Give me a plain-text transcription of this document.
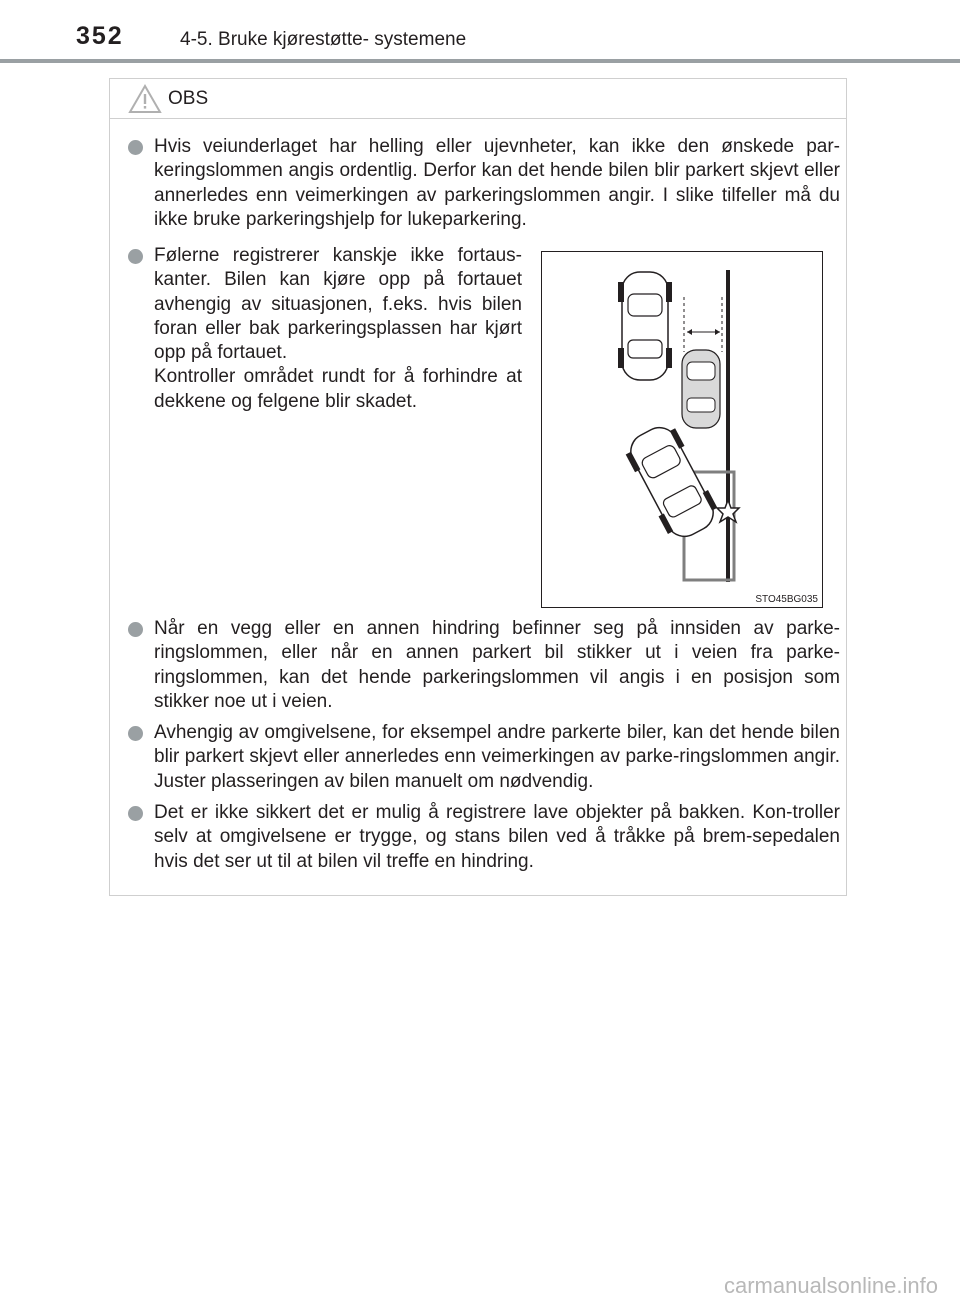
352	4-5. Bruke kjørestøtte- systemene
OBS
Hvis veiunderlaget har helling eller ujevnheter, kan ikke den ønskede par-keringslommen angis ordentlig. Derfor kan det hende bilen blir parkert skjevt eller annerledes enn veimerkingen av parkeringslommen angir. I slike tilfeller må du ikke bruke parkeringshjelp for lukeparkering.
Følerne registrerer kanskje ikke fortaus-kanter. Bilen kan kjøre opp på fortauet avhengig av situasjonen, f.eks. hvis bilen foran eller bak parkeringsplassen har kjørt opp på fortauet.
Kontroller området rundt for å forhindre at dekkene og felgene blir skadet.
Når en vegg eller en annen hindring befinner seg på innsiden av parke-ringslommen, eller når en annen parkert bil stikker ut i veien fra parke-ringslommen, kan det hende parkeringslommen vil angis i en posisjon som stikker noe ut i veien.
Avhengig av omgivelsene, for eksempel andre parkerte biler, kan det hende bilen blir parkert skjevt eller annerledes enn veimerkingen av parke-ringslommen angir. Juster plasseringen av bilen manuelt om nødvendig.
Det er ikke sikkert det er mulig å registrere lave objekter på bakken. Kon-troller selv at omgivelsene er trygge, og stans bilen ved å tråkke på brem-sepedalen hvis det ser ut til at bilen vil treffe en hindring.
STO45BG035
carmanualsonline.info
